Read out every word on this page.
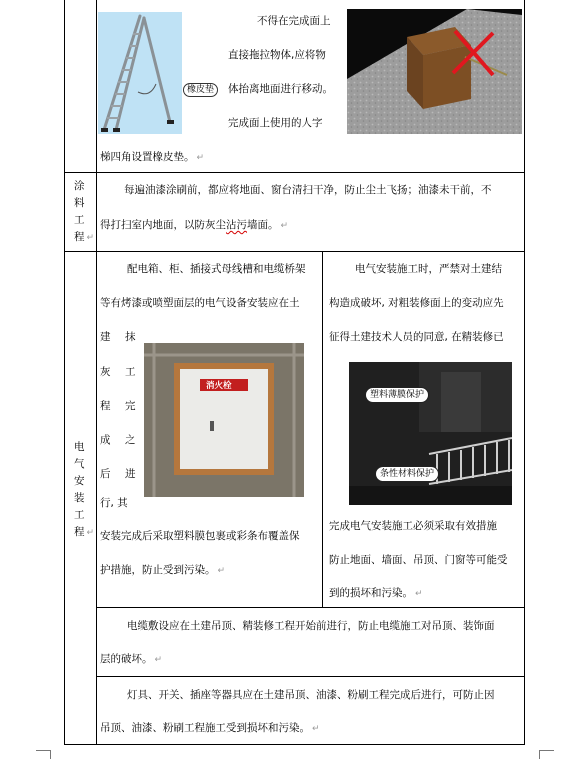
橡皮垫
不得在完成面上
直接拖拉物体,应将物
体抬离地面进行移动。
完成面上使用的人字
梯四角设置橡皮垫。 ↵
涂
料
工
程 ↵
每遍油漆涂刷前，都应将地面、窗台清扫干净，防止尘土飞扬；油漆未干前，不
得打扫室内地面，以防灰尘沾污墙面。 ↵
电
气
安
装
工
程 ↵
配电箱、柜、插接式母线槽和电缆桥架
等有烤漆或喷塑面层的电气设备安装应在土
建 抹
灰 工
程 完
成 之
后 进
行, 其
安装完成后采取塑料膜包裹或彩条布覆盖保
护措施，防止受到污染。 ↵
消火栓
电气安装施工时，严禁对土建结
构造成破坏, 对粗装修面上的变动应先
征得土建技术人员的同意, 在精装修已
完成电气安装施工必须采取有效措施
防止地面、墙面、吊顶、门窗等可能受
到的损坏和污染。 ↵
塑料薄膜保护
条性材料保护
电缆敷设应在土建吊顶、精装修工程开始前进行，防止电缆施工对吊顶、装饰面
层的破坏。 ↵
灯具、开关、插座等器具应在土建吊顶、油漆、粉刷工程完成后进行，可防止因
吊顶、油漆、粉刷工程施工受到损坏和污染。 ↵
